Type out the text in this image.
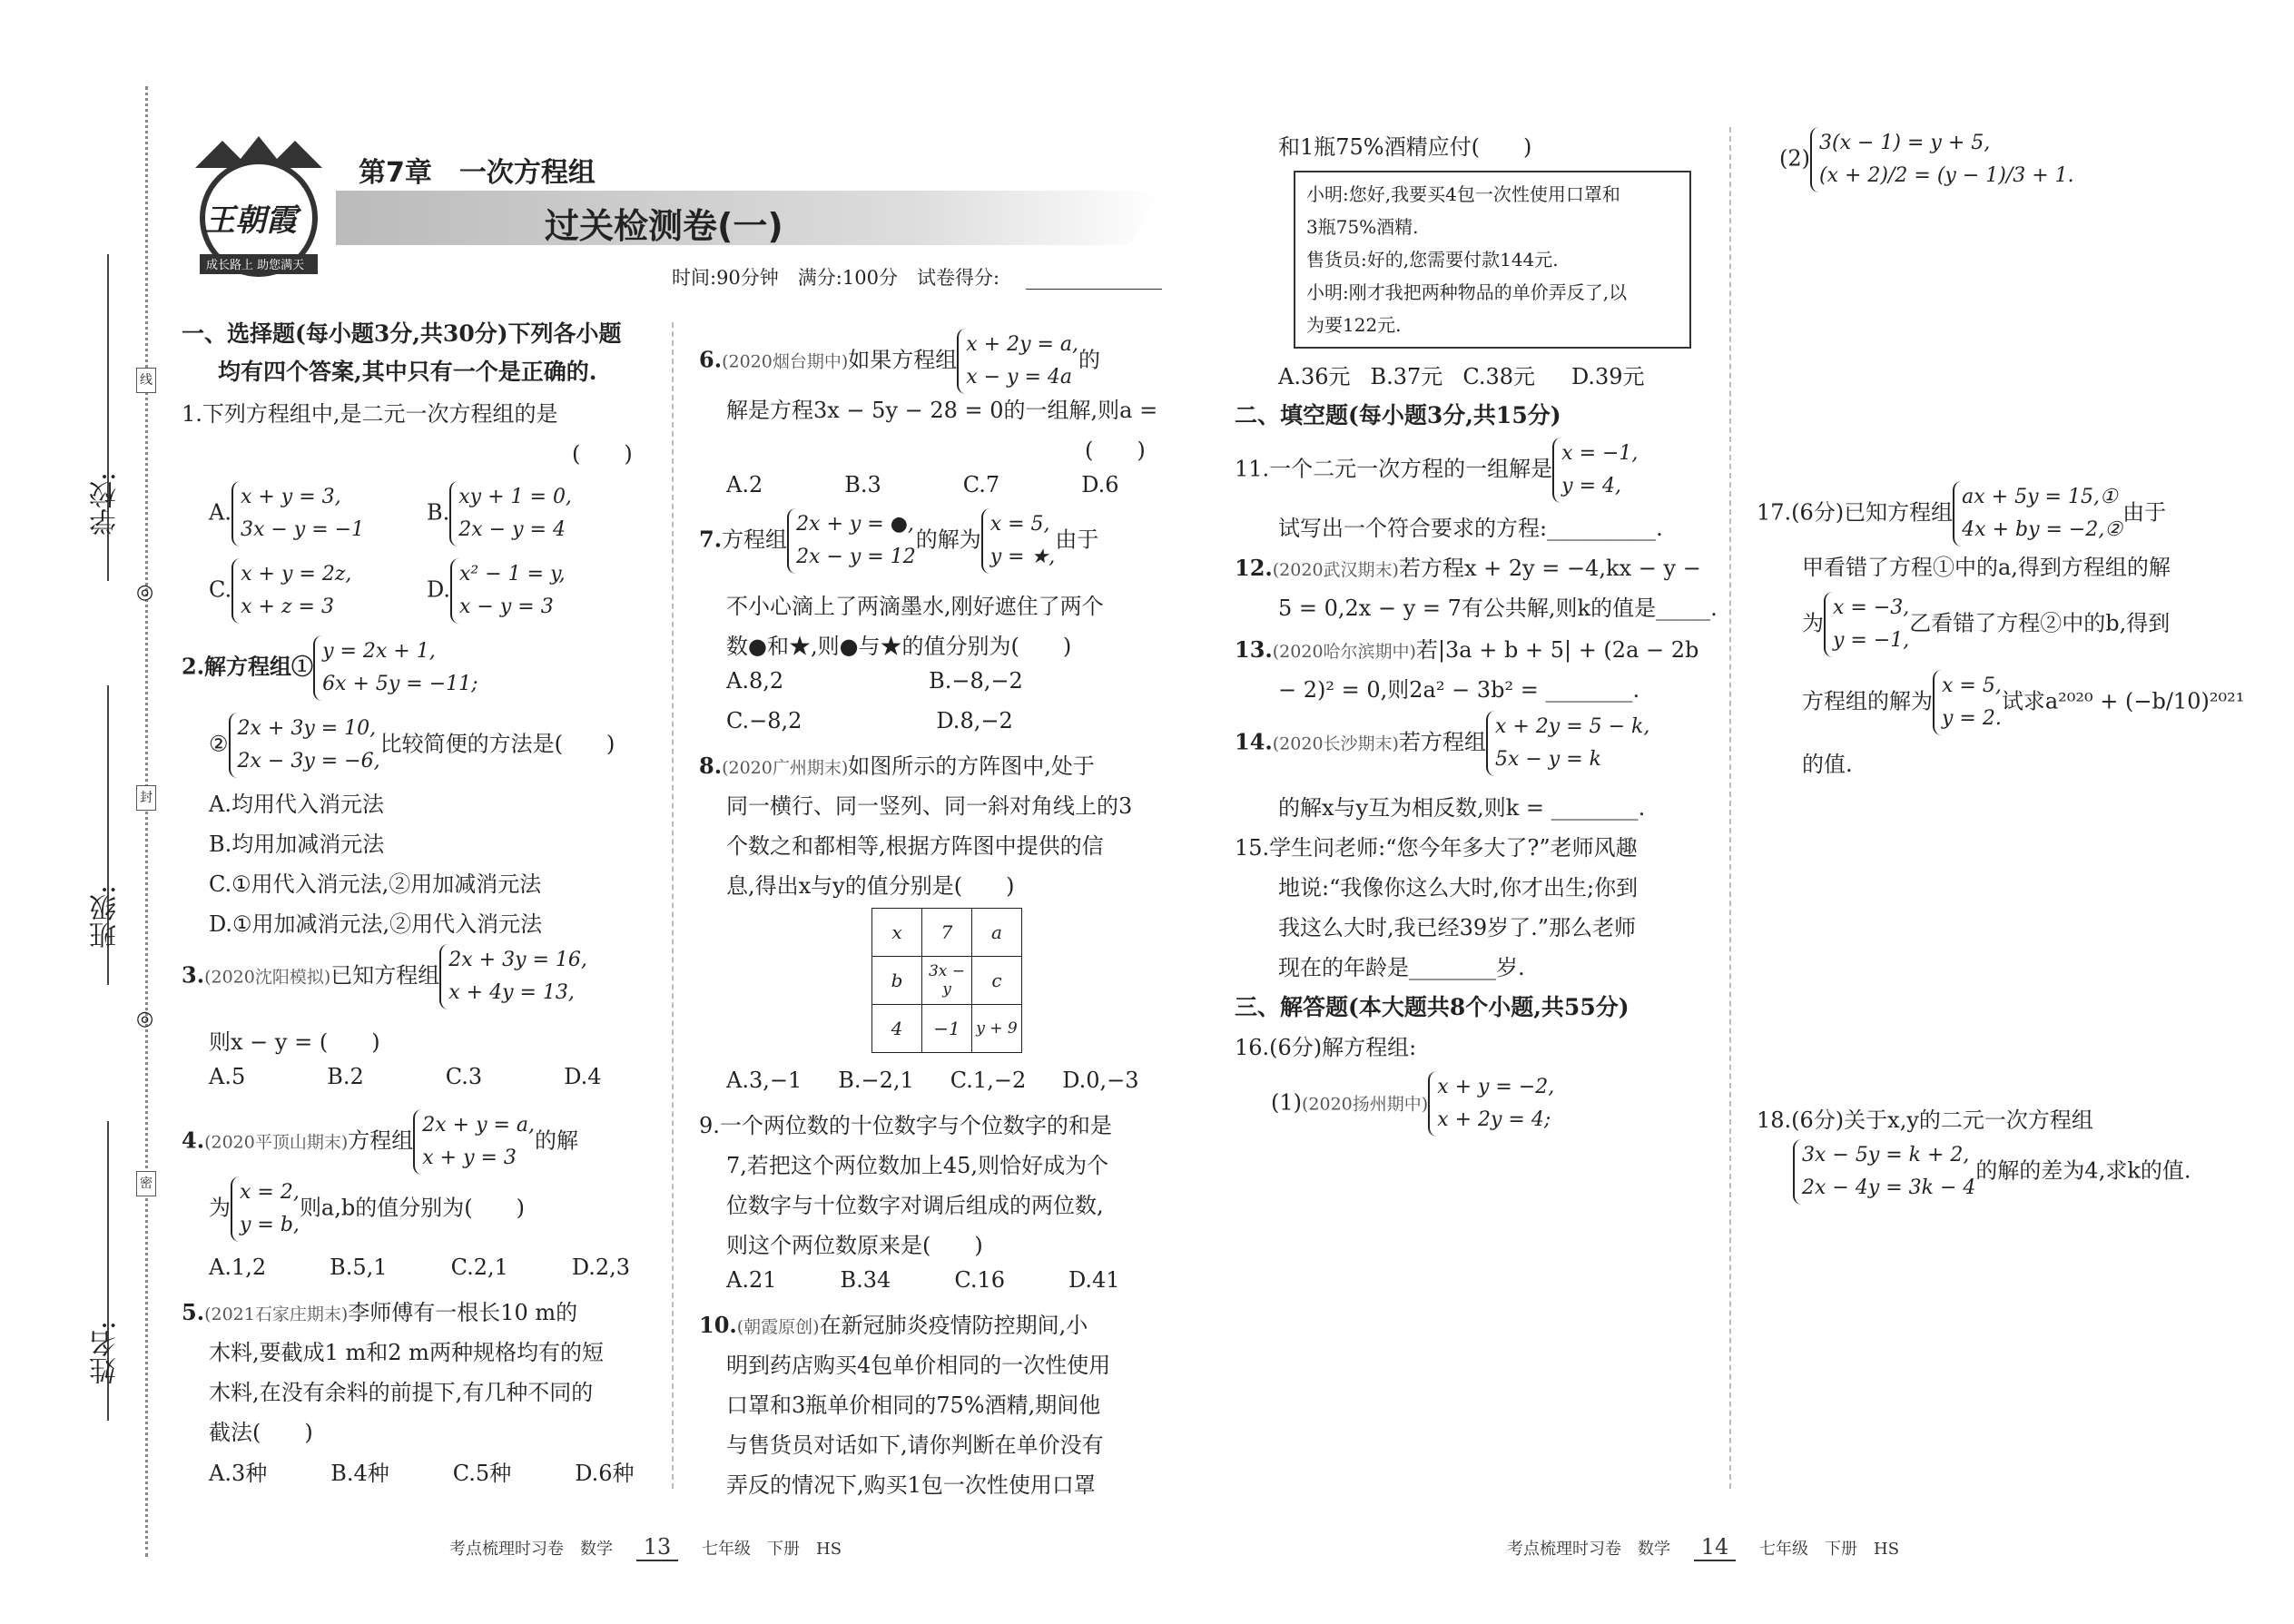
线
封
密
◎
◎
学校:
班级:
姓名:
王朝霞
成长路上 助您满天
第7章　一次方程组
过关检测卷(一)
时间:90分钟　满分:100分　试卷得分:
一、选择题(每小题3分,共30分)下列各小题
均有四个答案,其中只有一个是正确的.
1.下列方程组中,是二元一次方程组的是
(　　)
A.
x + y = 3,
3x − y = −1
B.
xy + 1 = 0,
2x − y = 4
C.
x + y = 2z,
x + z = 3
D.
x² − 1 = y,
x − y = 3
2.解方程组①
y = 2x + 1,
6x + 5y = −11;
②
2x + 3y = 10,
2x − 3y = −6,
比较简便的方法是(　　)
A.均用代入消元法
B.均用加减消元法
C.①用代入消元法,②用加减消元法
D.①用加减消元法,②用代入消元法
3.(2020沈阳模拟)已知方程组
2x + 3y = 16,
x + 4y = 13,
则x − y = (　　)
A.5	B.2	C.3	D.4
4.(2020平顶山期末)方程组
2x + y = a,
x + y = 3
的解
为
x = 2,
y = b,
则a,b的值分别为(　　)
A.1,2	B.5,1	C.2,1	D.2,3
5.(2021石家庄期末)李师傅有一根长10 m的
木料,要截成1 m和2 m两种规格均有的短
木料,在没有余料的前提下,有几种不同的
截法(　　)
A.3种	B.4种	C.5种	D.6种
6.(2020烟台期中)如果方程组
x + 2y = a,
x − y = 4a
的
解是方程3x − 5y − 28 = 0的一组解,则a =
(　　)
A.2	B.3	C.7	D.6
7.方程组
2x + y = ●,
2x − y = 12
的解为
x = 5,
y = ★,
由于
不小心滴上了两滴墨水,刚好遮住了两个
数●和★,则●与★的值分别为(　　)
A.8,2	B.−8,−2
C.−8,2	D.8,−2
8.(2020广州期末)如图所示的方阵图中,处于
同一横行、同一竖列、同一斜对角线上的3
个数之和都相等,根据方阵图中提供的信
息,得出x与y的值分别是(　　)
x	7	a
b	3x − y	c
4	−1	y + 9
A.3,−1 B.−2,1 C.1,−2 D.0,−3
9.一个两位数的十位数字与个位数字的和是
7,若把这个两位数加上45,则恰好成为个
位数字与十位数字对调后组成的两位数,
则这个两位数原来是(　　)
A.21	B.34	C.16	D.41
10.(朝霞原创)在新冠肺炎疫情防控期间,小
明到药店购买4包单价相同的一次性使用
口罩和3瓶单价相同的75%酒精,期间他
与售货员对话如下,请你判断在单价没有
弄反的情况下,购买1包一次性使用口罩
和1瓶75%酒精应付(　　)
小明:您好,我要买4包一次性使用口罩和
3瓶75%酒精.
售货员:好的,您需要付款144元.
小明:刚才我把两种物品的单价弄反了,以
为要122元.
A.36元 B.37元 C.38元 D.39元
二、填空题(每小题3分,共15分)
11.一个二元一次方程的一组解是
x = −1,
y = 4,
试写出一个符合要求的方程:__________.
12.(2020武汉期末)若方程x + 2y = −4,kx − y −
5 = 0,2x − y = 7有公共解,则k的值是_____.
13.(2020哈尔滨期中)若|3a + b + 5| + (2a − 2b
− 2)² = 0,则2a² − 3b² = ________.
14.(2020长沙期末)若方程组
x + 2y = 5 − k,
5x − y = k
的解x与y互为相反数,则k = ________.
15.学生问老师:“您今年多大了?”老师风趣
地说:“我像你这么大时,你才出生;你到
我这么大时,我已经39岁了.”那么老师
现在的年龄是________岁.
三、解答题(本大题共8个小题,共55分)
16.(6分)解方程组:
(1)(2020扬州期中)
x + y = −2,
x + 2y = 4;
(2)
3(x − 1) = y + 5,
(x + 2)/2 = (y − 1)/3 + 1.
17.(6分)已知方程组
ax + 5y = 15,①
4x + by = −2,②
由于
甲看错了方程①中的a,得到方程组的解
为
x = −3,
y = −1,
乙看错了方程②中的b,得到
方程组的解为
x = 5,
y = 2.
试求a²⁰²⁰ + (−b/10)²⁰²¹
的值.
18.(6分)关于x,y的二元一次方程组
3x − 5y = k + 2,
2x − 4y = 3k − 4
的解的差为4,求k的值.
考点梳理时习卷　数学 13 七年级　下册　HS	考点梳理时习卷　数学 14 七年级　下册　HS
